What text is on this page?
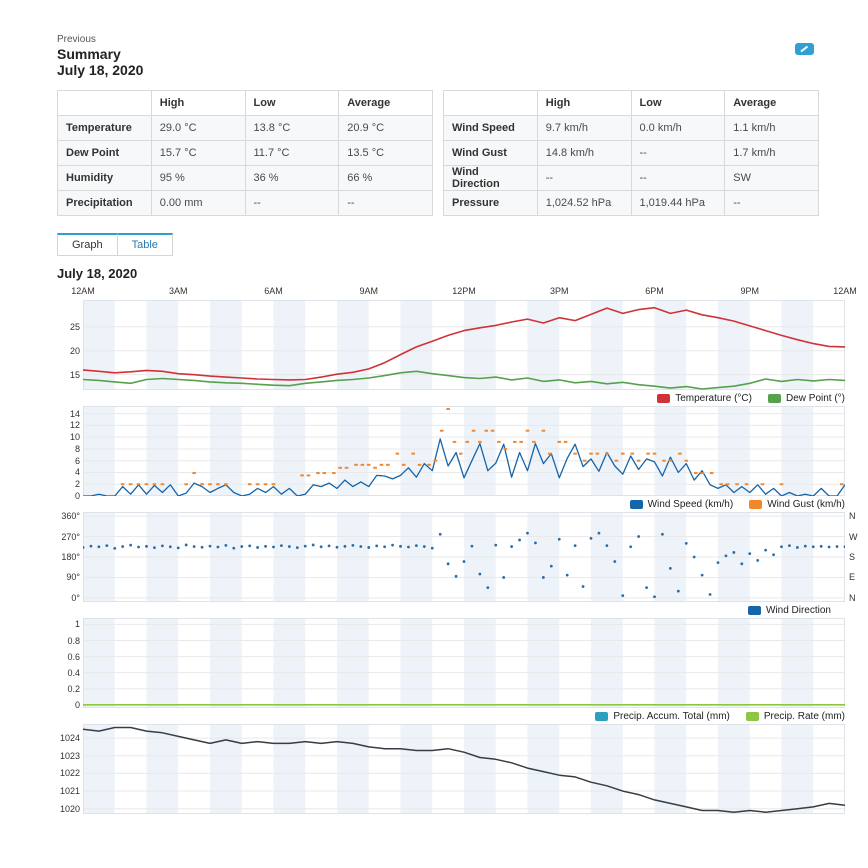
Previous
Summary
July 18, 2020
	High	Low	Average
Temperature	29.0 °C	13.8 °C	20.9 °C
Dew Point	15.7 °C	11.7 °C	13.5 °C
Humidity	95 %	36 %	66 %
Precipitation	0.00 mm	--	--
	High	Low	Average
Wind Speed	9.7 km/h	0.0 km/h	1.1 km/h
Wind Gust	14.8 km/h	--	1.7 km/h
Wind Direction	--	--	SW
Pressure	1,024.52 hPa	1,019.44 hPa	--
Graph	Table
July 18, 2020
12AM	3AM	6AM	9AM	12PM	3PM	6PM	9PM	12AM
15
20
25
Temperature (°C)	Dew Point (°)
0
2
4
6
8
10
12
14
Wind Speed (km/h)	Wind Gust (km/h)
0°
90°
180°
270°
360°
N
E
S
W
N
Wind Direction
0
0.2
0.4
0.6
0.8
1
Precip. Accum. Total (mm)	Precip. Rate (mm)
1020
1021
1022
1023
1024
